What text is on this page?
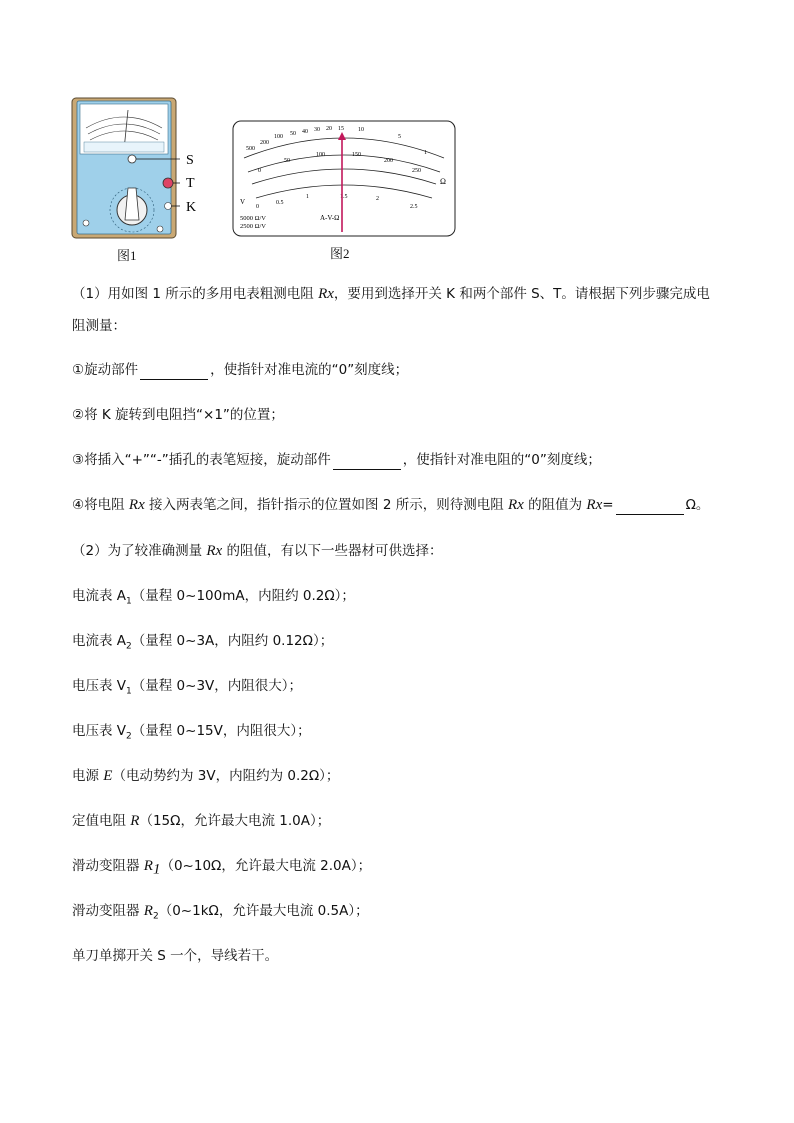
S
T
K
图1
500
200
100 50 40 30 20 15 10
5
1
Ω
0
50
100	150
200
250
0
0.5
1	1.5	2
2.5
V
A-V-Ω
5000 Ω/V
2500 Ω/V
图2
（1）用如图 1 所示的多用电表粗测电阻 Rx，要用到选择开关 K 和两个部件 S、T。请根据下列步骤完成电
阻测量：
①旋动部件	，使指针对准电流的“0”刻度线；
②将 K 旋转到电阻挡“×1”的位置；
③将插入“+”“-”插孔的表笔短接，旋动部件	，使指针对准电阻的“0”刻度线；
④将电阻 Rx 接入两表笔之间，指针指示的位置如图 2 所示，则待测电阻 Rx 的阻值为 Rx=	Ω。
（2）为了较准确测量 Rx 的阻值，有以下一些器材可供选择：
电流表 $A_1$（量程 0~100mA，内阻约 0.2Ω）；
电流表 $A_2$（量程 0~3A，内阻约 0.12Ω）；
电压表 $V_1$（量程 0~3V，内阻很大）；
电压表 $V_2$（量程 0~15V，内阻很大）；
电源 E（电动势约为 3V，内阻约为 0.2Ω）；
定值电阻 R（15Ω，允许最大电流 1.0A）；
滑动变阻器 $R_1(0\sim 10\Omega$，允许最大电流 2.0A）；
滑动变阻器 $R_2(0\sim 1k\Omega$，允许最大电流 0.5A）；
单刀单掷开关 S 一个，导线若干。
